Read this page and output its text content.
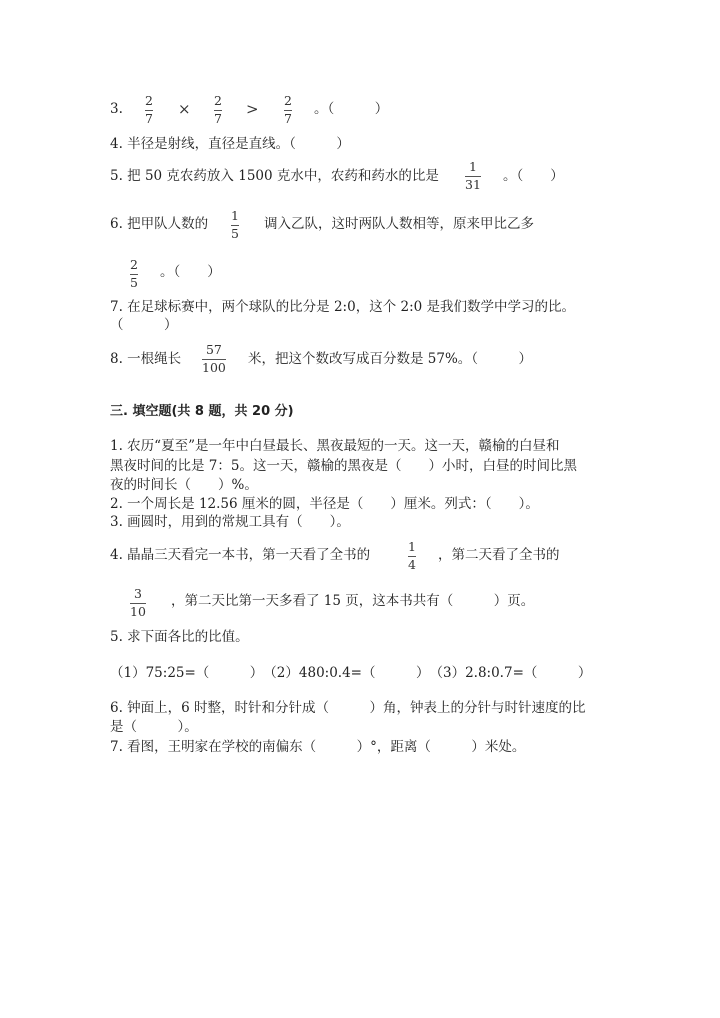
3.
2
7
× 2
7
> 2
7
。（　　　）
4. 半径是射线，直径是直线。（　　　）
5. 把 50 克农药放入 1500 克水中，农药和药水的比是
1
31
。（　　）
6. 把甲队人数的
1
5
调入乙队，这时两队人数相等，原来甲比乙多
2
5
。（　　）
7. 在足球标赛中，两个球队的比分是 2:0，这个 2:0 是我们数学中学习的比。
（　　　）
8. 一根绳长
57
100
米，把这个数改写成百分数是 57%。（　　　）
三. 填空题(共 8 题，共 20 分)
1. 农历“夏至”是一年中白昼最长、黑夜最短的一天。这一天，赣榆的白昼和
黑夜时间的比是 7：5。这一天，赣榆的黑夜是（　　）小时，白昼的时间比黑
夜的时间长（　　）%。
2. 一个周长是 12.56 厘米的圆，半径是（　　）厘米。列式：（　　）。
3. 画圆时，用到的常规工具有（　　）。
4. 晶晶三天看完一本书，第一天看了全书的
1
4
，第二天看了全书的
3
10
，第二天比第一天多看了 15 页，这本书共有（　　　）页。
5. 求下面各比的比值。
（1）75:25=（　　　）　（2）480:0.4=（　　　）　（3）2.8:0.7=（　　　）
6. 钟面上，6 时整，时针和分针成（　　　）角，钟表上的分针与时针速度的比
是（　　　）。
7. 看图，王明家在学校的南偏东（　　　）°，距离（　　　）米处。
